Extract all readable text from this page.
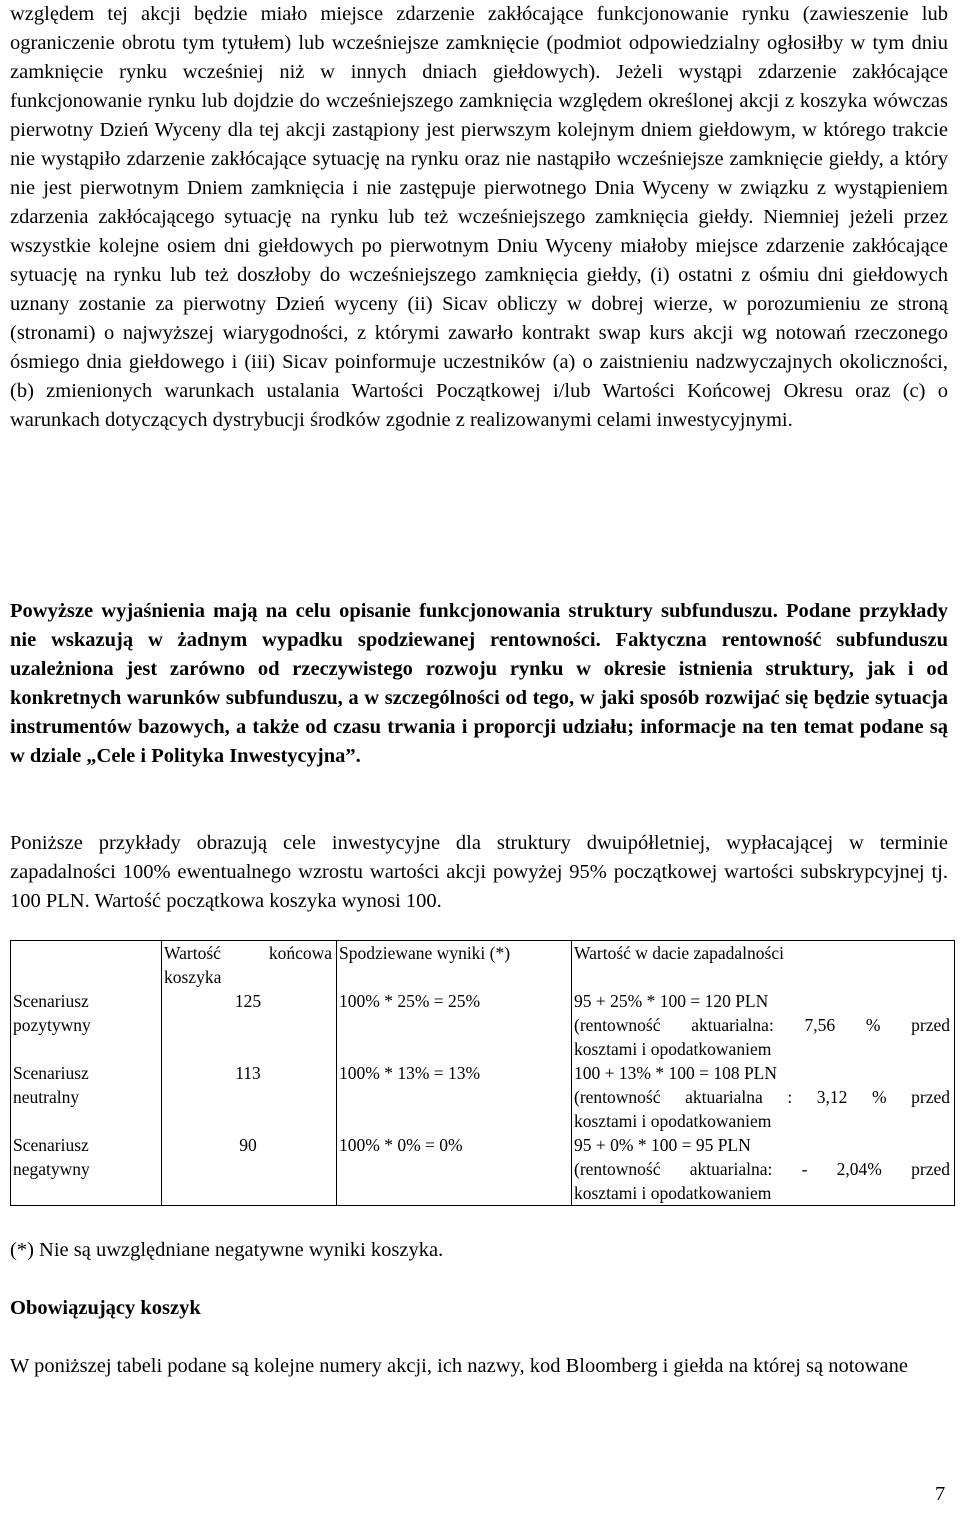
względem tej akcji będzie miało miejsce zdarzenie zakłócające funkcjonowanie rynku (zawieszenie lub ograniczenie obrotu tym tytułem) lub wcześniejsze zamknięcie (podmiot odpowiedzialny ogłosiłby w tym dniu zamknięcie rynku wcześniej niż w innych dniach giełdowych). Jeżeli wystąpi zdarzenie zakłócające funkcjonowanie rynku lub dojdzie do wcześniejszego zamknięcia względem określonej akcji z koszyka wówczas pierwotny Dzień Wyceny dla tej akcji zastąpiony jest pierwszym kolejnym dniem giełdowym, w którego trakcie nie wystąpiło zdarzenie zakłócające sytuację na rynku oraz nie nastąpiło wcześniejsze zamknięcie giełdy, a który nie jest pierwotnym Dniem zamknięcia i nie zastępuje pierwotnego Dnia Wyceny w związku z wystąpieniem zdarzenia zakłócającego sytuację na rynku lub też wcześniejszego zamknięcia giełdy. Niemniej jeżeli przez wszystkie kolejne osiem dni giełdowych po pierwotnym Dniu Wyceny miałoby miejsce zdarzenie zakłócające sytuację na rynku lub też doszłoby do wcześniejszego zamknięcia giełdy, (i) ostatni z ośmiu dni giełdowych uznany zostanie za pierwotny Dzień wyceny (ii) Sicav obliczy w dobrej wierze, w porozumieniu ze stroną (stronami) o najwyższej wiarygodności, z którymi zawarło kontrakt swap kurs akcji wg notowań rzeczonego ósmiego dnia giełdowego i (iii) Sicav poinformuje uczestników (a) o zaistnieniu nadzwyczajnych okoliczności, (b) zmienionych warunkach ustalania Wartości Początkowej i/lub Wartości Końcowej Okresu oraz (c) o warunkach dotyczących dystrybucji środków zgodnie z realizowanymi celami inwestycyjnymi.

Powyższe wyjaśnienia mają na celu opisanie funkcjonowania struktury subfunduszu. Podane przykłady nie wskazują w żadnym wypadku spodziewanej rentowności. Faktyczna rentowność subfunduszu uzależniona jest zarówno od rzeczywistego rozwoju rynku w okresie istnienia struktury, jak i od konkretnych warunków subfunduszu, a w szczególności od tego, w jaki sposób rozwijać się będzie sytuacja instrumentów bazowych, a także od czasu trwania i proporcji udziału; informacje na ten temat podane są w dziale „Cele i Polityka Inwestycyjna”.

Poniższe przykłady obrazują cele inwestycyjne dla struktury dwuipółletniej, wypłacającej w terminie zapadalności 100% ewentualnego wzrostu wartości akcji powyżej 95% początkowej wartości subskrypcyjnej tj. 100 PLN. Wartość początkowa koszyka wynosi 100.

	Wartość końcowa koszyka	Spodziewane wyniki (*)	Wartość w dacie zapadalności
Scenariusz pozytywny	125	100% * 25% = 25%	95 + 25% * 100 = 120 PLN
(rentowność aktuarialna: 7,56 % przed
kosztami i opodatkowaniem

Scenariusz neutralny	113	100% * 13% = 13%	100 + 13% * 100 = 108 PLN
(rentowność aktuarialna : 3,12 % przed
kosztami i opodatkowaniem

Scenariusz negatywny	90	100% * 0% = 0%	95 + 0% * 100 = 95 PLN
(rentowność aktuarialna: - 2,04% przed
kosztami i opodatkowaniem
(*) Nie są uwzględniane negatywne wyniki koszyka.
Obowiązujący koszyk

W poniższej tabeli podane są kolejne numery akcji, ich nazwy, kod Bloomberg i giełda na której są notowane

7
